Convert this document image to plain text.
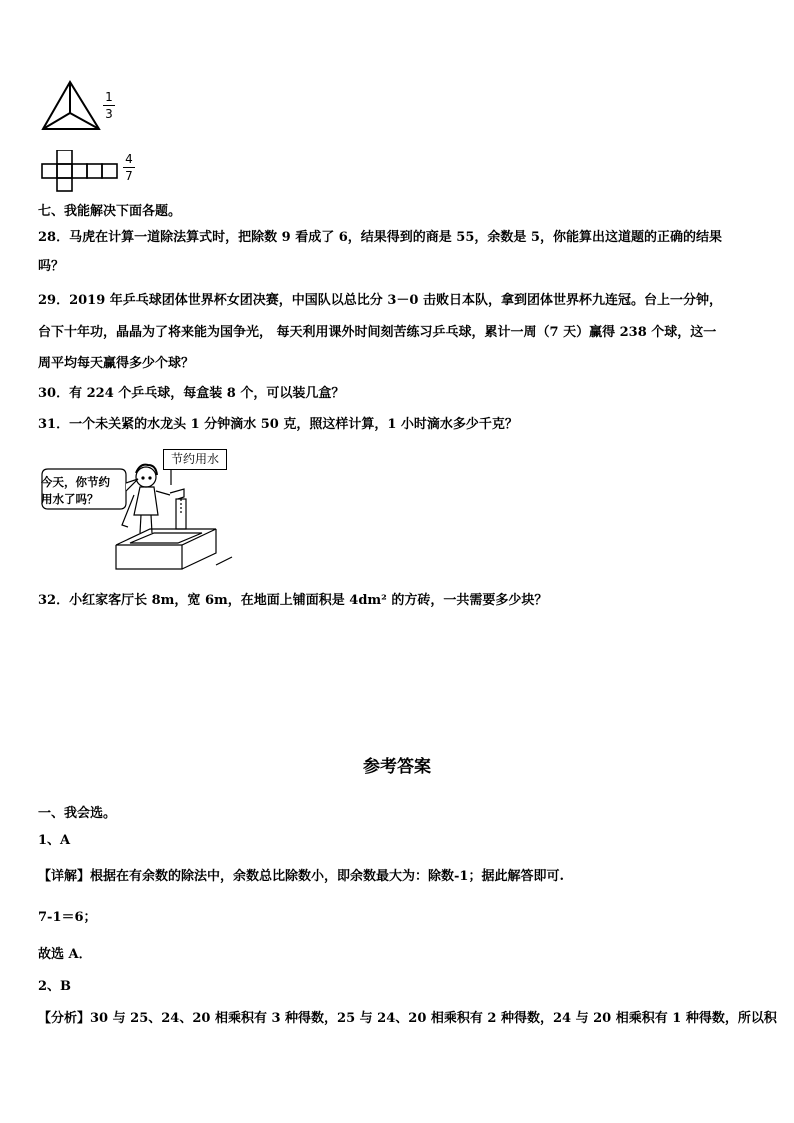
1
3
4
7
七、我能解决下面各题。
28．马虎在计算一道除法算式时，把除数 9 看成了 6，结果得到的商是 55，余数是 5，你能算出这道题的正确的结果
吗？
29．2019 年乒乓球团体世界杯女团决赛，中国队以总比分 3－0 击败日本队，拿到团体世界杯九连冠。台上一分钟，
台下十年功，晶晶为了将来能为国争光， 每天利用课外时间刻苦练习乒乓球，累计一周（7 天）赢得 238 个球，这一
周平均每天赢得多少个球？
30．有 224 个乒乓球，每盒装 8 个，可以装几盒？
31．一个未关紧的水龙头 1 分钟滴水 50 克，照这样计算，1 小时滴水多少千克？
节约用水
今天，你节约
用水了吗？
32．小红家客厅长 8m，宽 6m，在地面上铺面积是 4dm² 的方砖，一共需要多少块？
参考答案
一、我会选。
1、A
【详解】根据在有余数的除法中，余数总比除数小，即余数最大为：除数-1；据此解答即可.
7-1＝6；
故选 A．
2、B
【分析】30 与 25、24、20 相乘积有 3 种得数，25 与 24、20 相乘积有 2 种得数，24 与 20 相乘积有 1 种得数，所以积
